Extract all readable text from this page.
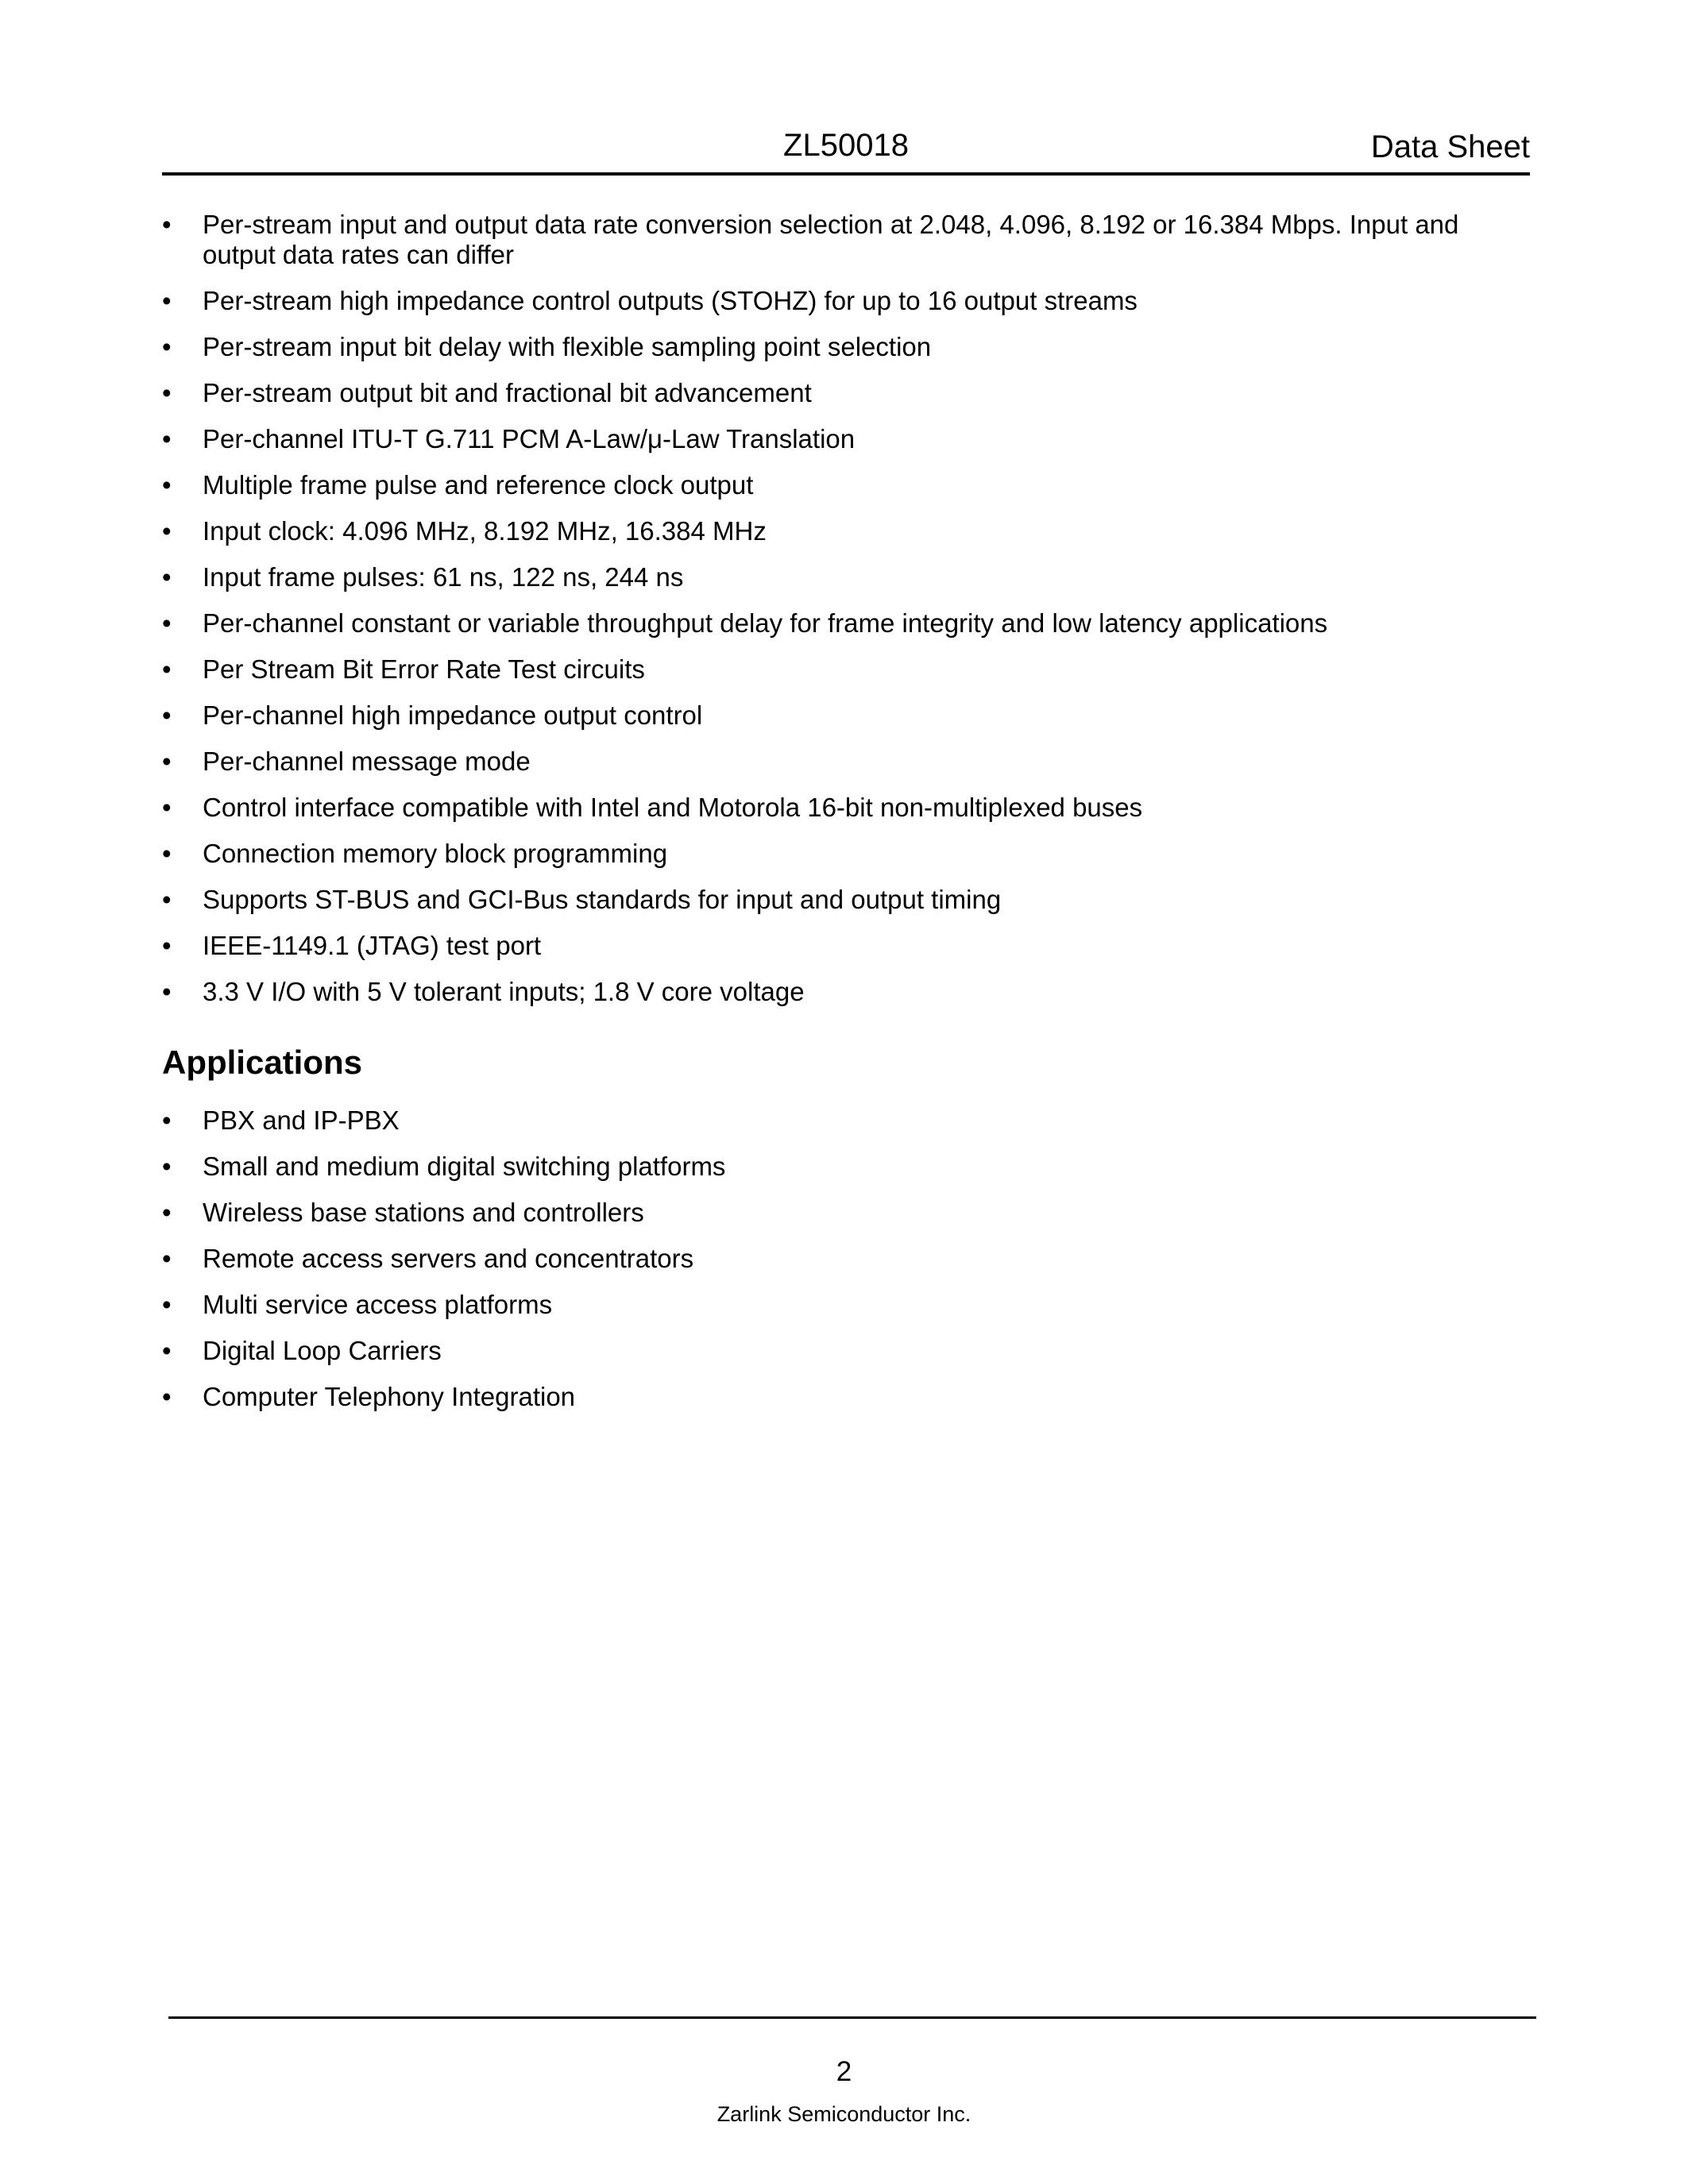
ZL50018	Data Sheet
• Per-stream input and output data rate conversion selection at 2.048, 4.096, 8.192 or 16.384 Mbps. Input and output data rates can differ
• Per-stream high impedance control outputs (STOHZ) for up to 16 output streams
• Per-stream input bit delay with flexible sampling point selection
• Per-stream output bit and fractional bit advancement
• Per-channel ITU-T G.711 PCM A-Law/μ-Law Translation
• Multiple frame pulse and reference clock output
• Input clock: 4.096 MHz, 8.192 MHz, 16.384 MHz
• Input frame pulses: 61 ns, 122 ns, 244 ns
• Per-channel constant or variable throughput delay for frame integrity and low latency applications
• Per Stream Bit Error Rate Test circuits
• Per-channel high impedance output control
• Per-channel message mode
• Control interface compatible with Intel and Motorola 16-bit non-multiplexed buses
• Connection memory block programming
• Supports ST-BUS and GCI-Bus standards for input and output timing
• IEEE-1149.1 (JTAG) test port
• 3.3 V I/O with 5 V tolerant inputs; 1.8 V core voltage
Applications
• PBX and IP-PBX
• Small and medium digital switching platforms
• Wireless base stations and controllers
• Remote access servers and concentrators
• Multi service access platforms
• Digital Loop Carriers
• Computer Telephony Integration
2
Zarlink Semiconductor Inc.
